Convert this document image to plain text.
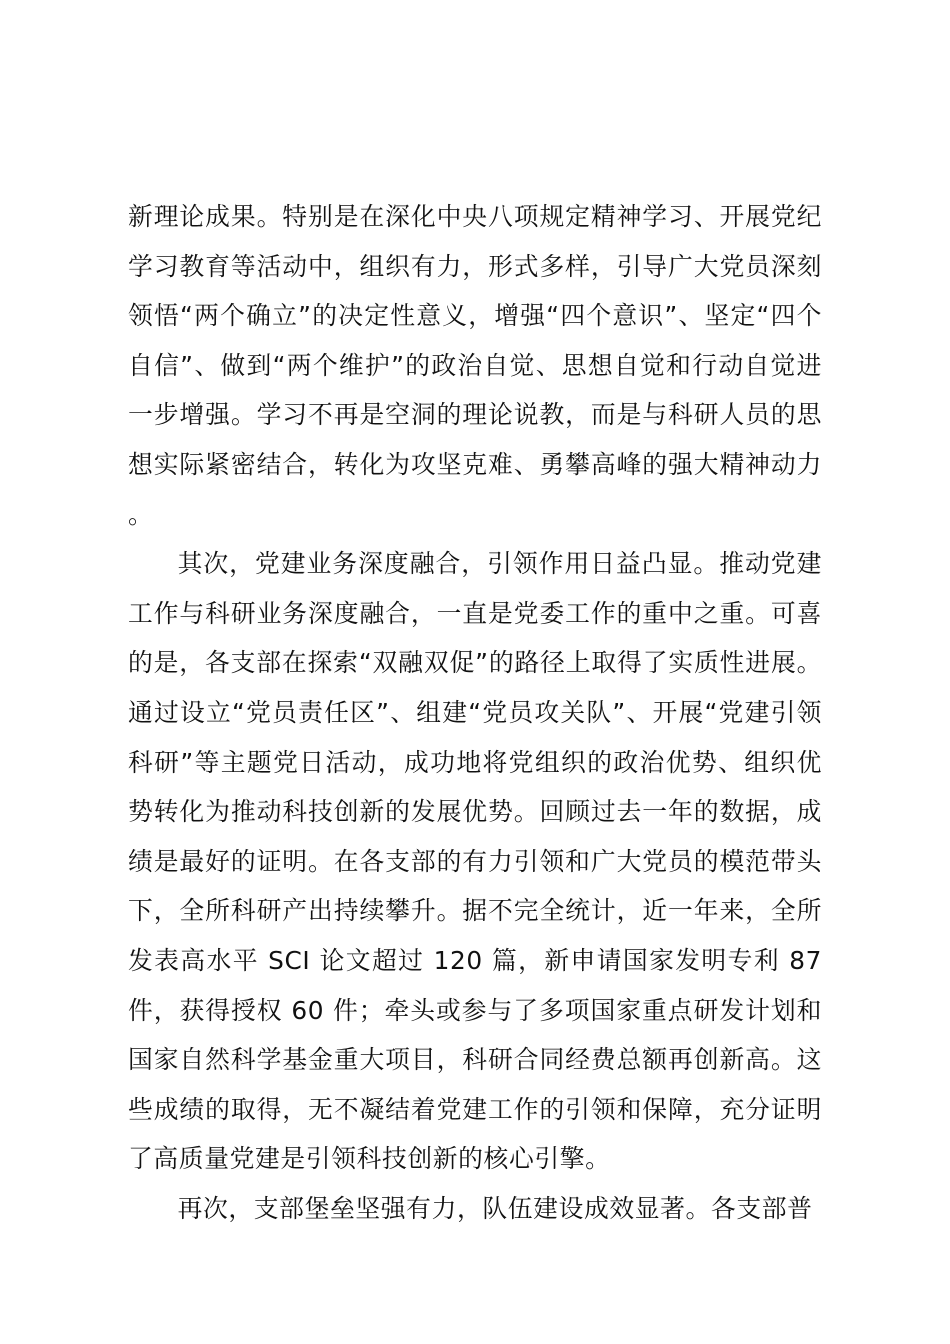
新理论成果。特别是在深化中央八项规定精神学习、开展党纪学习教育等活动中，组织有力，形式多样，引导广大党员深刻领悟“两个确立”的决定性意义，增强“四个意识”、坚定“四个自信”、做到“两个维护”的政治自觉、思想自觉和行动自觉进一步增强。学习不再是空洞的理论说教，而是与科研人员的思想实际紧密结合，转化为攻坚克难、勇攀高峰的强大精神动力。

其次，党建业务深度融合，引领作用日益凸显。推动党建工作与科研业务深度融合，一直是党委工作的重中之重。可喜的是，各支部在探索“双融双促”的路径上取得了实质性进展。通过设立“党员责任区”、组建“党员攻关队”、开展“党建引领科研”等主题党日活动，成功地将党组织的政治优势、组织优势转化为推动科技创新的发展优势。回顾过去一年的数据，成绩是最好的证明。在各支部的有力引领和广大党员的模范带头下，全所科研产出持续攀升。据不完全统计，近一年来，全所发表高水平 SCI 论文超过 120 篇，新申请国家发明专利 87 件，获得授权 60 件；牵头或参与了多项国家重点研发计划和国家自然科学基金重大项目，科研合同经费总额再创新高。这些成绩的取得，无不凝结着党建工作的引领和保障，充分证明了高质量党建是引领科技创新的核心引擎。

再次，支部堡垒坚强有力，队伍建设成效显著。各支部普
